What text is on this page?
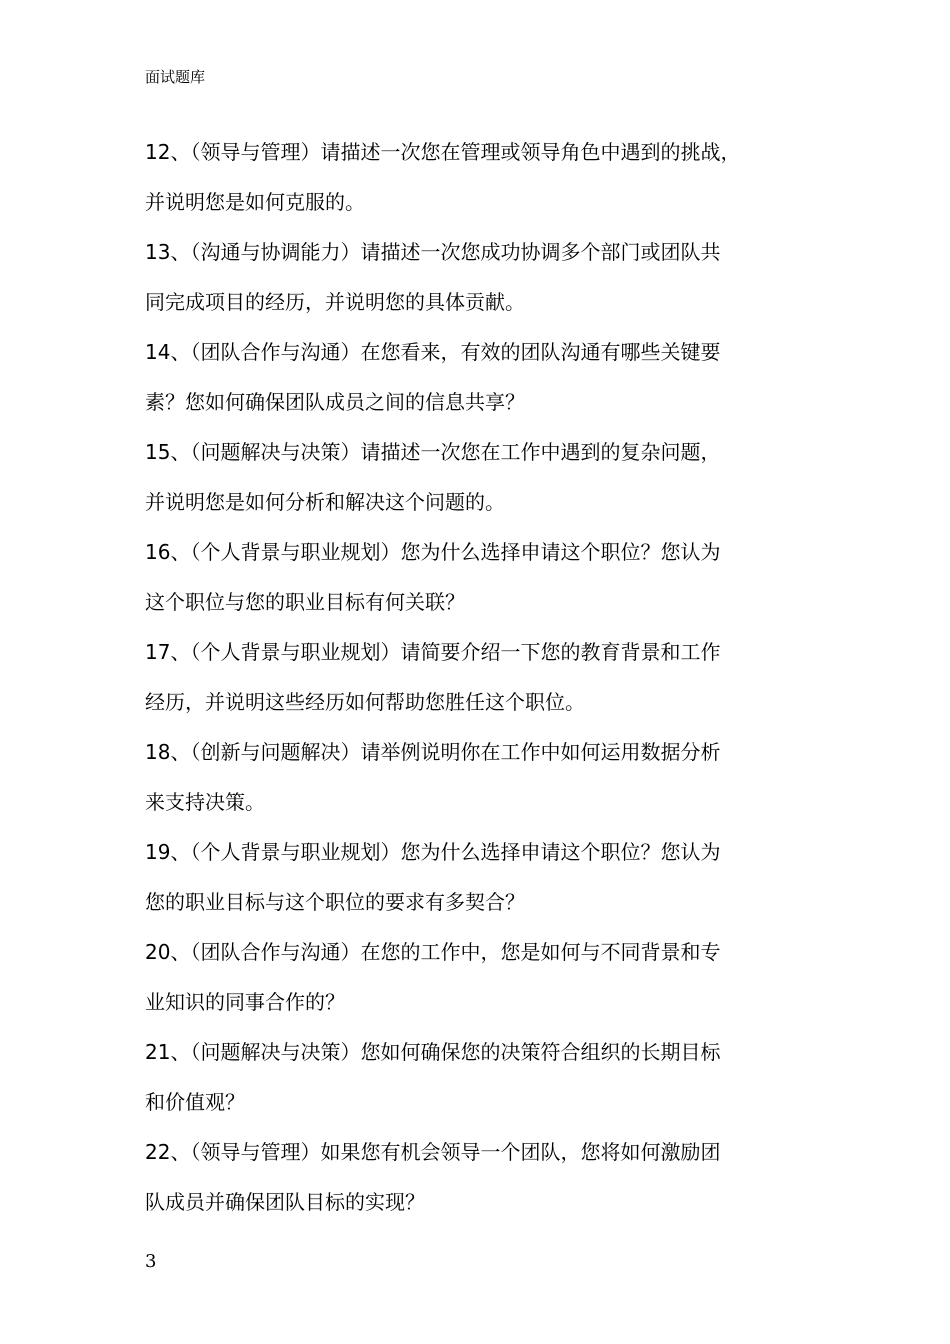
面试题库
12、（领导与管理）请描述一次您在管理或领导角色中遇到的挑战，
并说明您是如何克服的。
13、（沟通与协调能力）请描述一次您成功协调多个部门或团队共
同完成项目的经历，并说明您的具体贡献。
14、（团队合作与沟通）在您看来，有效的团队沟通有哪些关键要
素？您如何确保团队成员之间的信息共享？
15、（问题解决与决策）请描述一次您在工作中遇到的复杂问题，
并说明您是如何分析和解决这个问题的。
16、（个人背景与职业规划）您为什么选择申请这个职位？您认为
这个职位与您的职业目标有何关联？
17、（个人背景与职业规划）请简要介绍一下您的教育背景和工作
经历，并说明这些经历如何帮助您胜任这个职位。
18、（创新与问题解决）请举例说明你在工作中如何运用数据分析
来支持决策。
19、（个人背景与职业规划）您为什么选择申请这个职位？您认为
您的职业目标与这个职位的要求有多契合？
20、（团队合作与沟通）在您的工作中，您是如何与不同背景和专
业知识的同事合作的？
21、（问题解决与决策）您如何确保您的决策符合组织的长期目标
和价值观？
22、（领导与管理）如果您有机会领导一个团队，您将如何激励团
队成员并确保团队目标的实现？
3
